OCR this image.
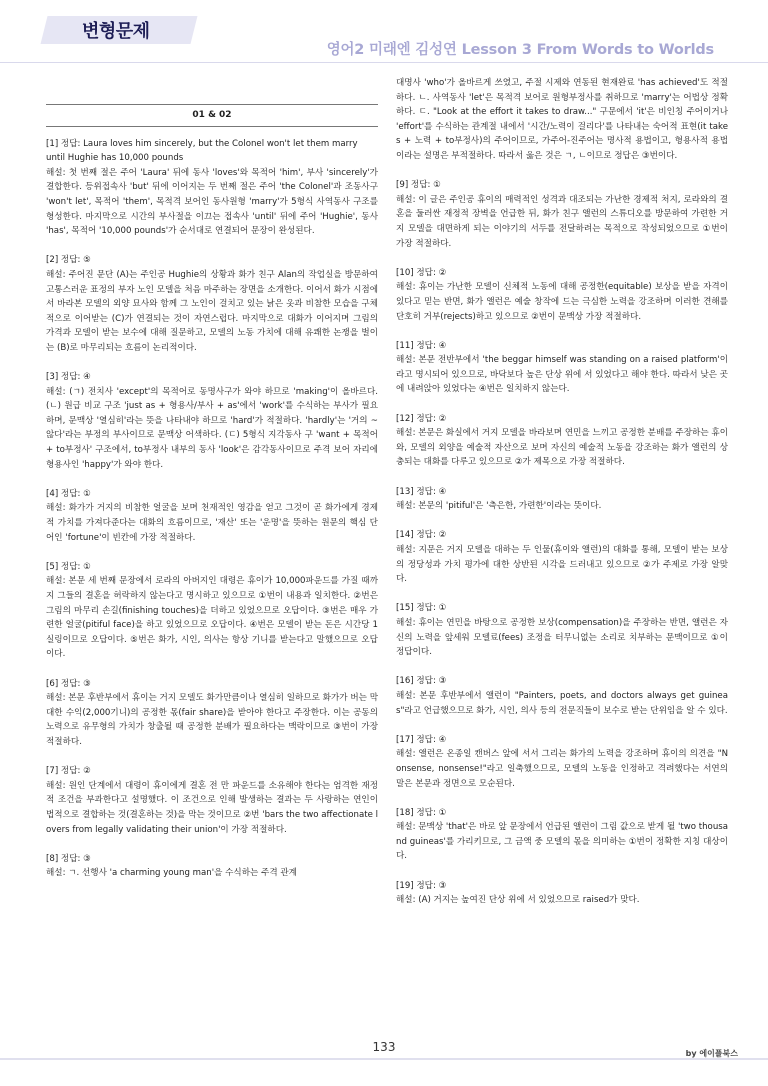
변형문제
영어2 미래엔 김성연 Lesson 3 From Words to Worlds
01 & 02
[1] 정답: Laura loves him sincerely, but the Colonel won't let them marry until Hughie has 10,000 pounds
해설: 첫 번째 절은 주어 'Laura' 뒤에 동사 'loves'와 목적어 'him', 부사 'sincerely'가 결합한다. 등위접속사 'but' 뒤에 이어지는 두 번째 절은 주어 'the Colonel'과 조동사구 'won't let', 목적어 'them', 목적격 보어인 동사원형 'marry'가 5형식 사역동사 구조를 형성한다. 마지막으로 시간의 부사절을 이끄는 접속사 'until' 뒤에 주어 'Hughie', 동사 'has', 목적어 '10,000 pounds'가 순서대로 연결되어 문장이 완성된다.
[2] 정답: ⑤
해설: 주어진 문단 (A)는 주인공 Hughie의 상황과 화가 친구 Alan의 작업실을 방문하여 고통스러운 표정의 부자 노인 모델을 처음 마주하는 장면을 소개한다. 이어서 화가 시점에서 바라본 모델의 외양 묘사와 함께 그 노인이 걸치고 있는 낡은 옷과 비참한 모습을 구체적으로 이어받는 (C)가 연결되는 것이 자연스럽다. 마지막으로 대화가 이어지며 그림의 가격과 모델이 받는 보수에 대해 질문하고, 모델의 노동 가치에 대해 유쾌한 논쟁을 벌이는 (B)로 마무리되는 흐름이 논리적이다.
[3] 정답: ④
해설: (ㄱ) 전치사 'except'의 목적어로 동명사구가 와야 하므로 'making'이 올바르다. (ㄴ) 원급 비교 구조 'just as + 형용사/부사 + as'에서 'work'를 수식하는 부사가 필요하며, 문맥상 '열심히'라는 뜻을 나타내야 하므로 'hard'가 적절하다. 'hardly'는 '거의 ~않다'라는 부정의 부사이므로 문맥상 어색하다. (ㄷ) 5형식 지각동사 구 'want + 목적어 + to부정사' 구조에서, to부정사 내부의 동사 'look'은 감각동사이므로 주격 보어 자리에 형용사인 'happy'가 와야 한다.
[4] 정답: ①
해설: 화가가 거지의 비참한 얼굴을 보며 천재적인 영감을 얻고 그것이 곧 화가에게 경제적 가치를 가져다준다는 대화의 흐름이므로, '재산' 또는 '운명'을 뜻하는 원문의 핵심 단어인 'fortune'이 빈칸에 가장 적절하다.
[5] 정답: ①
해설: 본문 세 번째 문장에서 로라의 아버지인 대령은 휴이가 10,000파운드를 가질 때까지 그들의 결혼을 허락하지 않는다고 명시하고 있으므로 ①번이 내용과 일치한다. ②번은 그림의 마무리 손길(finishing touches)을 더하고 있었으므로 오답이다. ③번은 매우 가련한 얼굴(pitiful face)을 하고 있었으므로 오답이다. ④번은 모델이 받는 돈은 시간당 1실링이므로 오답이다. ⑤번은 화가, 시인, 의사는 항상 기니를 받는다고 말했으므로 오답이다.
[6] 정답: ③
해설: 본문 후반부에서 휴이는 거지 모델도 화가만큼이나 열심히 일하므로 화가가 버는 막대한 수익(2,000기니)의 공정한 몫(fair share)을 받아야 한다고 주장한다. 이는 공동의 노력으로 유무형의 가치가 창출될 때 공정한 분배가 필요하다는 맥락이므로 ③번이 가장 적절하다.
[7] 정답: ②
해설: 원인 단계에서 대령이 휴이에게 결혼 전 만 파운드를 소유해야 한다는 엄격한 재정적 조건을 부과한다고 설명했다. 이 조건으로 인해 발생하는 결과는 두 사랑하는 연인이 법적으로 결합하는 것(결혼하는 것)을 막는 것이므로 ②번 'bars the two affectionate lovers from legally validating their union'이 가장 적절하다.
[8] 정답: ③
해설: ㄱ. 선행사 'a charming young man'을 수식하는 주격 관계
대명사 'who'가 올바르게 쓰였고, 주절 시제와 연동된 현재완료 'has achieved'도 적절하다. ㄴ. 사역동사 'let'은 목적격 보어로 원형부정사를 취하므로 'marry'는 어법상 정확하다. ㄷ. "Look at the effort it takes to draw..." 구문에서 'it'은 비인칭 주어이거나 'effort'를 수식하는 관계절 내에서 '시간/노력이 걸리다'를 나타내는 숙어적 표현(it takes + 노력 + to부정사)의 주어이므로, 가주어-진주어는 명사적 용법이고, 형용사적 용법 이라는 설명은 부적절하다. 따라서 옳은 것은 ㄱ, ㄴ이므로 정답은 ③번이다.
[9] 정답: ①
해설: 이 글은 주인공 휴이의 매력적인 성격과 대조되는 가난한 경제적 처지, 로라와의 결혼을 둘러싼 재정적 장벽을 언급한 뒤, 화가 친구 앨런의 스튜디오를 방문하여 가련한 거지 모델을 대면하게 되는 이야기의 서두를 전달하려는 목적으로 작성되었으므로 ①번이 가장 적절하다.
[10] 정답: ②
해설: 휴이는 가난한 모델이 신체적 노동에 대해 공정한(equitable) 보상을 받을 자격이 있다고 믿는 반면, 화가 앨런은 예술 창작에 드는 극심한 노력을 강조하며 이러한 견해를 단호히 거부(rejects)하고 있으므로 ②번이 문맥상 가장 적절하다.
[11] 정답: ④
해설: 본문 전반부에서 'the beggar himself was standing on a raised platform'이라고 명시되어 있으므로, 바닥보다 높은 단상 위에 서 있었다고 해야 한다. 따라서 낮은 곳에 내려앉아 있었다는 ④번은 일치하지 않는다.
[12] 정답: ②
해설: 본문은 화실에서 거지 모델을 바라보며 연민을 느끼고 공정한 분배를 주장하는 휴이와, 모델의 외양을 예술적 자산으로 보며 자신의 예술적 노동을 강조하는 화가 앨런의 상충되는 대화를 다루고 있으므로 ②가 제목으로 가장 적절하다.
[13] 정답: ④
해설: 본문의 'pitiful'은 '측은한, 가련한'이라는 뜻이다.
[14] 정답: ②
해설: 지문은 거지 모델을 대하는 두 인물(휴이와 앨런)의 대화를 통해, 모델이 받는 보상의 정당성과 가치 평가에 대한 상반된 시각을 드러내고 있으므로 ②가 주제로 가장 알맞다.
[15] 정답: ①
해설: 휴이는 연민을 바탕으로 공정한 보상(compensation)을 주장하는 반면, 앨런은 자신의 노력을 앞세워 모델료(fees) 조정을 터무니없는 소리로 치부하는 문맥이므로 ①이 정답이다.
[16] 정답: ③
해설: 본문 후반부에서 앨런이 "Painters, poets, and doctors always get guineas"라고 언급했으므로 화가, 시인, 의사 등의 전문직들이 보수로 받는 단위임을 알 수 있다.
[17] 정답: ④
해설: 앨런은 온종일 캔버스 앞에 서서 그리는 화가의 노력을 강조하며 휴이의 의견을 "Nonsense, nonsense!"라고 일축했으므로, 모델의 노동을 인정하고 격려했다는 서연의 말은 본문과 정면으로 모순된다.
[18] 정답: ①
해설: 문맥상 'that'은 바로 앞 문장에서 언급된 앨런이 그림 값으로 받게 될 'two thousand guineas'를 가리키므로, 그 금액 중 모델의 몫을 의미하는 ①번이 정확한 지칭 대상이다.
[19] 정답: ③
해설: (A) 거지는 높여진 단상 위에 서 있었으므로 raised가 맞다.
133	by 에이플북스
